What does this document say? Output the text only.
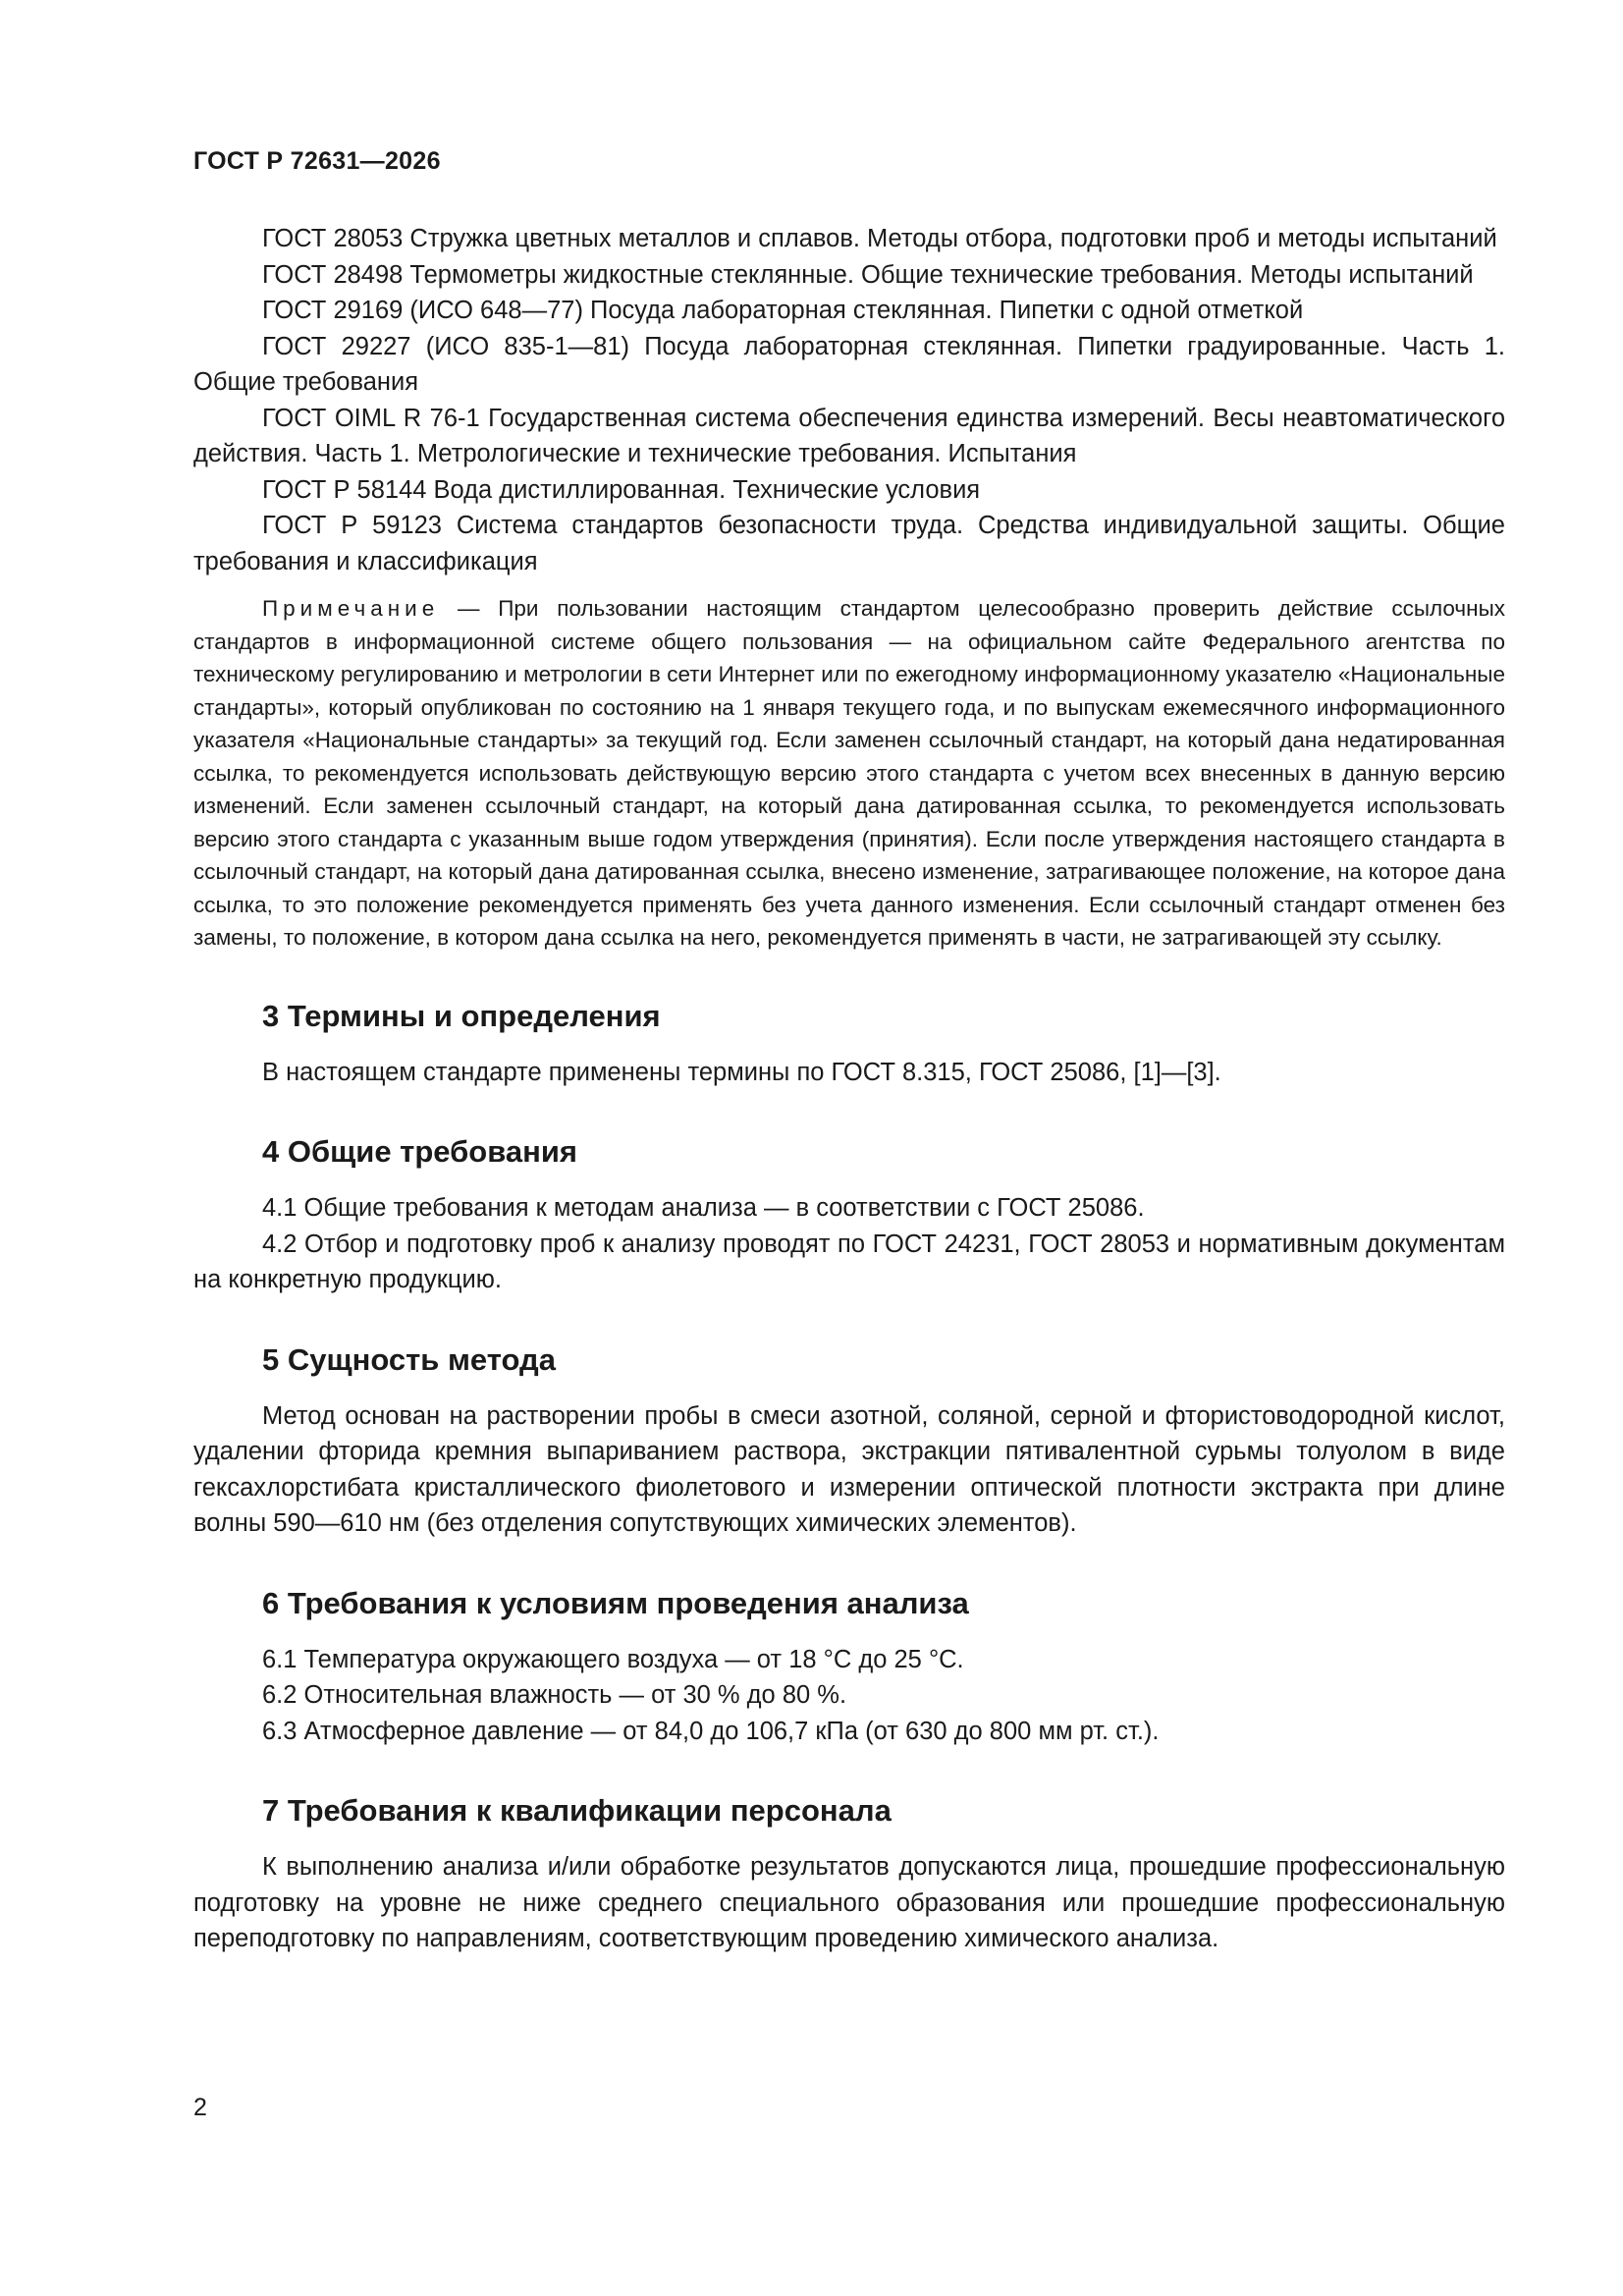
ГОСТ Р 72631—2026

ГОСТ 28053 Стружка цветных металлов и сплавов. Методы отбора, подготовки проб и методы испытаний

ГОСТ 28498 Термометры жидкостные стеклянные. Общие технические требования. Методы испытаний

ГОСТ 29169 (ИСО 648—77) Посуда лабораторная стеклянная. Пипетки с одной отметкой

ГОСТ 29227 (ИСО 835-1—81) Посуда лабораторная стеклянная. Пипетки градуированные. Часть 1. Общие требования

ГОСТ OIML R 76-1 Государственная система обеспечения единства измерений. Весы неавтоматического действия. Часть 1. Метрологические и технические требования. Испытания

ГОСТ Р 58144 Вода дистиллированная. Технические условия

ГОСТ Р 59123 Система стандартов безопасности труда. Средства индивидуальной защиты. Общие требования и классификация

Примечание — При пользовании настоящим стандартом целесообразно проверить действие ссылочных стандартов в информационной системе общего пользования — на официальном сайте Федерального агентства по техническому регулированию и метрологии в сети Интернет или по ежегодному информационному указателю «Национальные стандарты», который опубликован по состоянию на 1 января текущего года, и по выпускам ежемесячного информационного указателя «Национальные стандарты» за текущий год. Если заменен ссылочный стандарт, на который дана недатированная ссылка, то рекомендуется использовать действующую версию этого стандарта с учетом всех внесенных в данную версию изменений. Если заменен ссылочный стандарт, на который дана датированная ссылка, то рекомендуется использовать версию этого стандарта с указанным выше годом утверждения (принятия). Если после утверждения настоящего стандарта в ссылочный стандарт, на который дана датированная ссылка, внесено изменение, затрагивающее положение, на которое дана ссылка, то это положение рекомендуется применять без учета данного изменения. Если ссылочный стандарт отменен без замены, то положение, в котором дана ссылка на него, рекомендуется применять в части, не затрагивающей эту ссылку.

3 Термины и определения

В настоящем стандарте применены термины по ГОСТ 8.315, ГОСТ 25086, [1]—[3].

4 Общие требования

4.1 Общие требования к методам анализа — в соответствии с ГОСТ 25086.

4.2 Отбор и подготовку проб к анализу проводят по ГОСТ 24231, ГОСТ 28053 и нормативным документам на конкретную продукцию.

5 Сущность метода

Метод основан на растворении пробы в смеси азотной, соляной, серной и фтористоводородной кислот, удалении фторида кремния выпариванием раствора, экстракции пятивалентной сурьмы толуолом в виде гексахлорстибата кристаллического фиолетового и измерении оптической плотности экстракта при длине волны 590—610 нм (без отделения сопутствующих химических элементов).

6 Требования к условиям проведения анализа

6.1 Температура окружающего воздуха — от 18 °С до 25 °С.

6.2 Относительная влажность — от 30 % до 80 %.

6.3 Атмосферное давление — от 84,0 до 106,7 кПа (от 630 до 800 мм рт. ст.).

7 Требования к квалификации персонала

К выполнению анализа и/или обработке результатов допускаются лица, прошедшие профессиональную подготовку на уровне не ниже среднего специального образования или прошедшие профессиональную переподготовку по направлениям, соответствующим проведению химического анализа.

2
